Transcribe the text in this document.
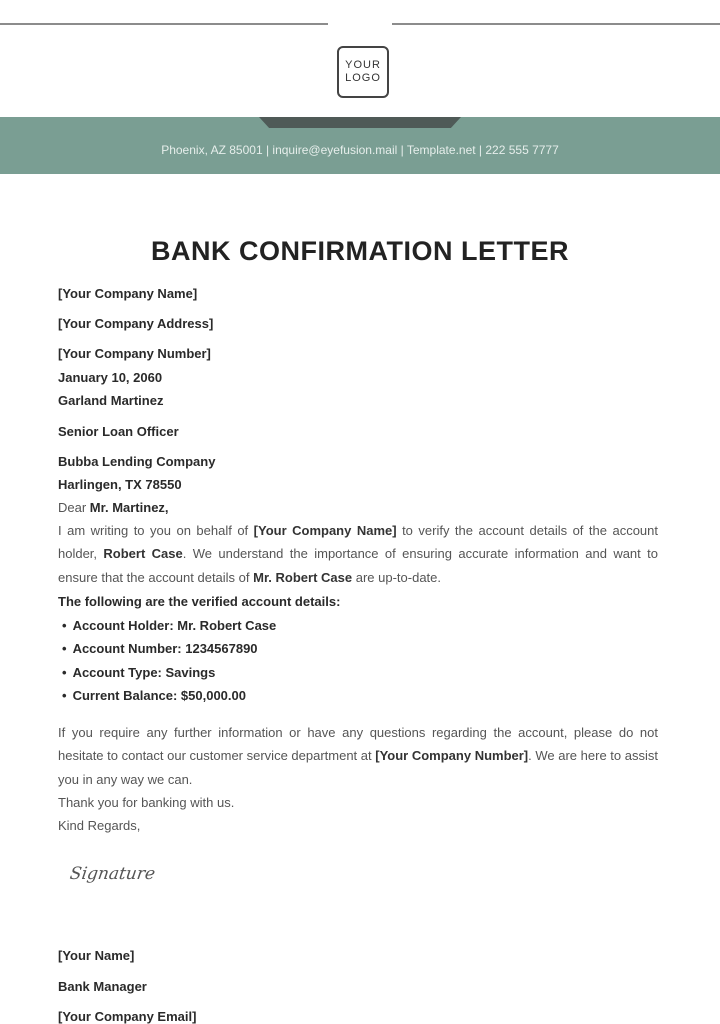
YOUR
LOGO
Phoenix, AZ 85001 | inquire@eyefusion.mail | Template.net | 222 555 7777
BANK CONFIRMATION LETTER
[Your Company Name]
[Your Company Address]
[Your Company Number]
January 10, 2060
Garland Martinez
Senior Loan Officer
Bubba Lending Company
Harlingen, TX 78550
Dear Mr. Martinez,
I am writing to you on behalf of [Your Company Name] to verify the account details of the account holder, Robert Case. We understand the importance of ensuring accurate information and want to ensure that the account details of Mr. Robert Case are up-to-date.
The following are the verified account details:
• Account Holder: Mr. Robert Case
• Account Number: 1234567890
• Account Type: Savings
• Current Balance: $50,000.00
If you require any further information or have any questions regarding the account, please do not hesitate to contact our customer service department at [Your Company Number]. We are here to assist you in any way we can.
Thank you for banking with us.
Kind Regards,
Signature
[Your Name]
Bank Manager
[Your Company Email]
